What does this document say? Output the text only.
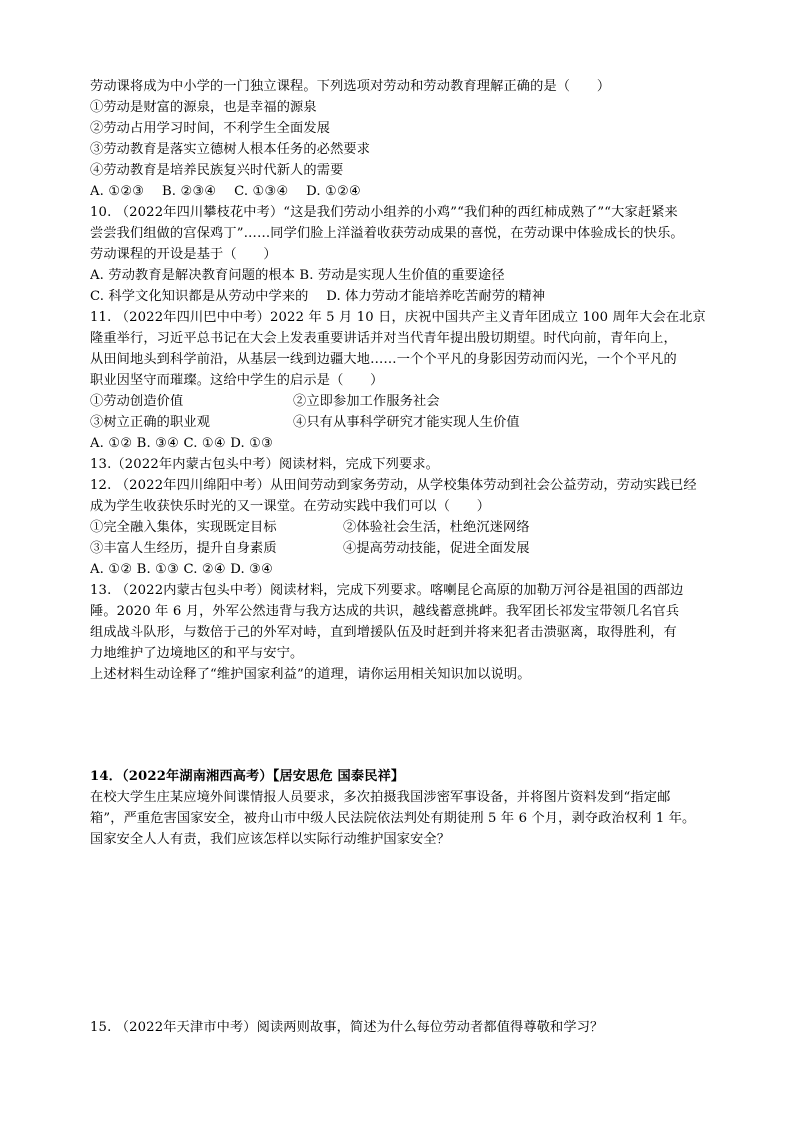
劳动课将成为中小学的一门独立课程。下列选项对劳动和劳动教育理解正确的是（　　）
①劳动是财富的源泉，也是幸福的源泉
②劳动占用学习时间，不利学生全面发展
③劳动教育是落实立德树人根本任务的必然要求
④劳动教育是培养民族复兴时代新人的需要
A. ①②③　 B. ②③④　 C. ①③④　 D. ①②④
10. （2022年四川攀枝花中考）“这是我们劳动小组养的小鸡”“我们种的西红柿成熟了”“大家赶紧来
尝尝我们组做的宫保鸡丁”……同学们脸上洋溢着收获劳动成果的喜悦，在劳动课中体验成长的快乐。
劳动课程的开设是基于（　　）
A. 劳动教育是解决教育问题的根本 B. 劳动是实现人生价值的重要途径
C. 科学文化知识都是从劳动中学来的　 D. 体力劳动才能培养吃苦耐劳的精神
11. （2022年四川巴中中考）2022 年 5 月 10 日，庆祝中国共产主义青年团成立 100 周年大会在北京
隆重举行，习近平总书记在大会上发表重要讲话并对当代青年提出殷切期望。时代向前，青年向上，
从田间地头到科学前沿，从基层一线到边疆大地……一个个平凡的身影因劳动而闪光，一个个平凡的
职业因坚守而璀璨。这给中学生的启示是（　　）
①劳动创造价值	②立即参加工作服务社会
③树立正确的职业观	④只有从事科学研究才能实现人生价值
A. ①② B. ③④ C. ①④ D. ①③
13.（2022年内蒙古包头中考）阅读材料，完成下列要求。
12. （2022年四川绵阳中考）从田间劳动到家务劳动，从学校集体劳动到社会公益劳动，劳动实践已经
成为学生收获快乐时光的又一课堂。在劳动实践中我们可以（　　）
①完全融入集体，实现既定目标	②体验社会生活，杜绝沉迷网络
③丰富人生经历，提升自身素质	④提高劳动技能，促进全面发展
A. ①② B. ①③ C. ②④ D. ③④
13. （2022内蒙古包头中考）阅读材料，完成下列要求。喀喇昆仑高原的加勒万河谷是祖国的西部边
陲。2020 年 6 月，外军公然违背与我方达成的共识，越线蓄意挑衅。我军团长祁发宝带领几名官兵
组成战斗队形，与数倍于己的外军对峙，直到增援队伍及时赶到并将来犯者击溃驱离，取得胜利，有
力地维护了边境地区的和平与安宁。
上述材料生动诠释了“维护国家利益”的道理，请你运用相关知识加以说明。
14．（2022年湖南湘西高考）【居安思危 国泰民祥】
在校大学生庄某应境外间谍情报人员要求，多次拍摄我国涉密军事设备，并将图片资料发到“指定邮
箱”，严重危害国家安全，被舟山市中级人民法院依法判处有期徒刑 5 年 6 个月，剥夺政治权利 1 年。
国家安全人人有责，我们应该怎样以实际行动维护国家安全？
15. （2022年天津市中考）阅读两则故事，简述为什么每位劳动者都值得尊敬和学习？
